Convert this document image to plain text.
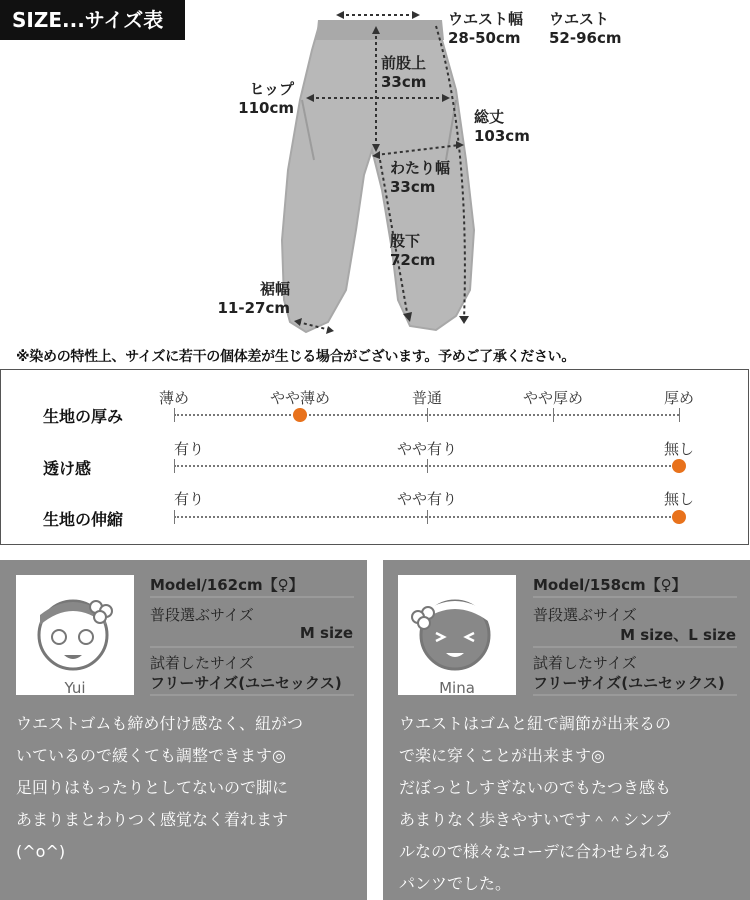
SIZE...サイズ表	ウエスト幅
28-50cm
ウエスト
52-96cm
前股上
33cm
ヒップ
110cm	総丈
103cm
わたり幅
33cm
股下
72cm
裾幅
11-27cm
※染めの特性上、サイズに若干の個体差が生じる場合がございます。予めご了承ください。
生地の厚み
薄め	やや薄め	普通	やや厚め	厚め
透け感
有り	やや有り	無し
生地の伸縮
有り	やや有り	無し
Yui
Model/162cm【♀】
普段選ぶサイズ
M size
試着したサイズ
フリーサイズ(ユニセックス)
ウエストゴムも締め付け感なく、紐がつ
いているので緩くても調整できます◎
足回りはもったりとしてないので脚に
あまりまとわりつく感覚なく着れます
(^o^)
Mina
Model/158cm【♀】
普段選ぶサイズ
M size、L size
試着したサイズ
フリーサイズ(ユニセックス)
ウエストはゴムと紐で調節が出来るの
で楽に穿くことが出来ます◎
だぼっとしすぎないのでもたつき感も
あまりなく歩きやすいです＾＾シンプ
ルなので様々なコーデに合わせられる
パンツでした。
